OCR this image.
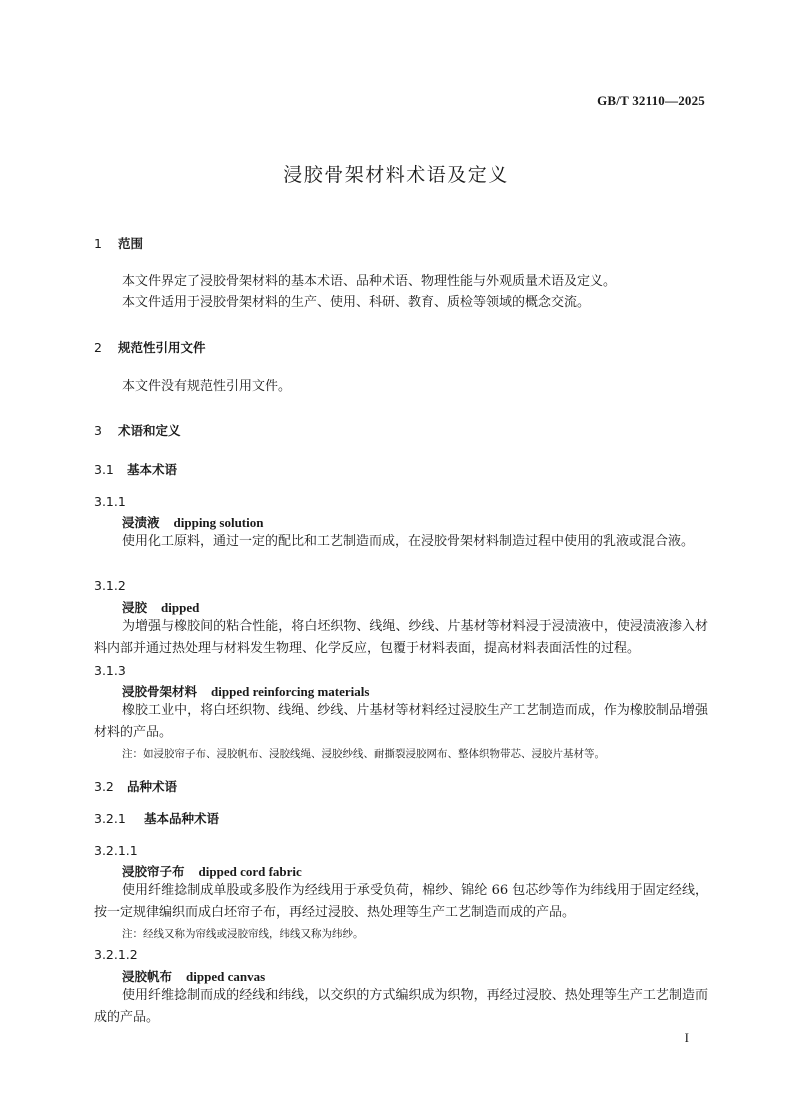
GB/T 32110—2025
浸胶骨架材料术语及定义
1 范围
本文件界定了浸胶骨架材料的基本术语、品种术语、物理性能与外观质量术语及定义。
本文件适用于浸胶骨架材料的生产、使用、科研、教育、质检等领域的概念交流。
2 规范性引用文件
本文件没有规范性引用文件。
3 术语和定义
3.1 基本术语
3.1.1
浸渍液 dipping solution
使用化工原料，通过一定的配比和工艺制造而成，在浸胶骨架材料制造过程中使用的乳液或混合液。
3.1.2
浸胶 dipped
为增强与橡胶间的粘合性能，将白坯织物、线绳、纱线、片基材等材料浸于浸渍液中，使浸渍液渗入材料内部并通过热处理与材料发生物理、化学反应，包覆于材料表面，提高材料表面活性的过程。
3.1.3
浸胶骨架材料 dipped reinforcing materials
橡胶工业中，将白坯织物、线绳、纱线、片基材等材料经过浸胶生产工艺制造而成，作为橡胶制品增强材料的产品。
注：如浸胶帘子布、浸胶帆布、浸胶线绳、浸胶纱线、耐撕裂浸胶网布、整体织物带芯、浸胶片基材等。
3.2 品种术语
3.2.1 基本品种术语
3.2.1.1
浸胶帘子布 dipped cord fabric
使用纤维捻制成单股或多股作为经线用于承受负荷，棉纱、锦纶 66 包芯纱等作为纬线用于固定经线，按一定规律编织而成白坯帘子布，再经过浸胶、热处理等生产工艺制造而成的产品。
注：经线又称为帘线或浸胶帘线，纬线又称为纬纱。
3.2.1.2
浸胶帆布 dipped canvas
使用纤维捻制而成的经线和纬线，以交织的方式编织成为织物，再经过浸胶、热处理等生产工艺制造而成的产品。
I
